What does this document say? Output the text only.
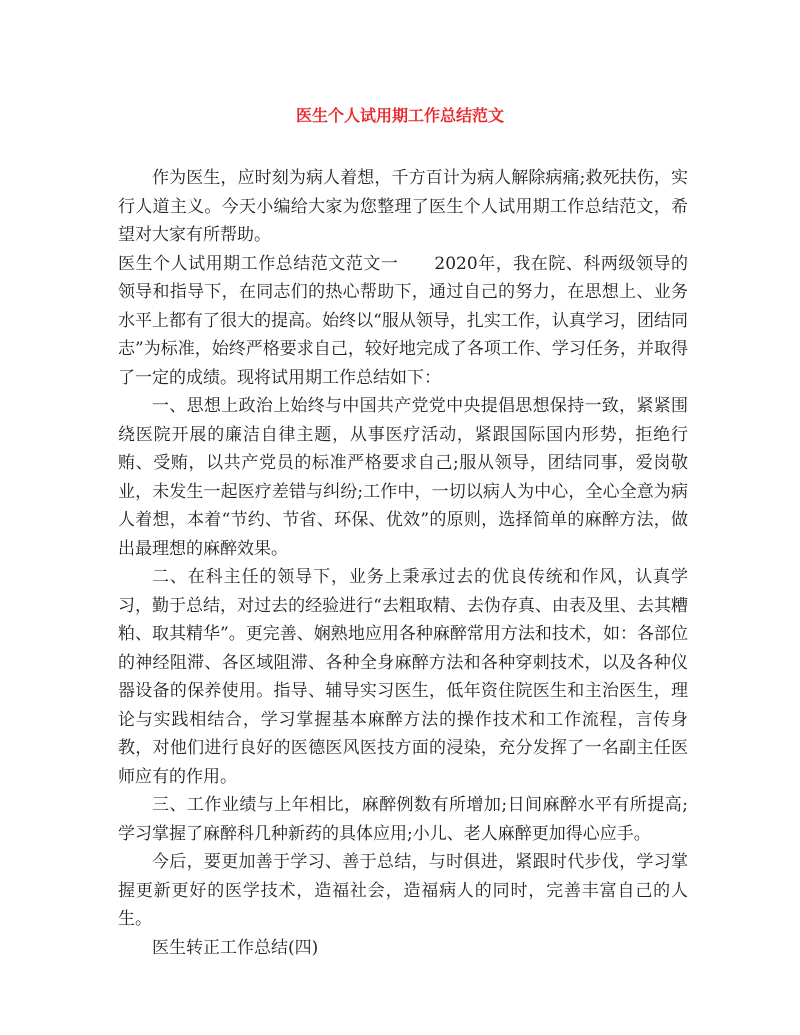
医生个人试用期工作总结范文

作为医生，应时刻为病人着想，千方百计为病人解除病痛;救死扶伤，实行人道主义。今天小编给大家为您整理了医生个人试用期工作总结范文，希望对大家有所帮助。

医生个人试用期工作总结范文范文一 2020年，我在院、科两级领导的领导和指导下，在同志们的热心帮助下，通过自己的努力，在思想上、业务水平上都有了很大的提高。始终以“服从领导，扎实工作，认真学习，团结同志”为标准，始终严格要求自己，较好地完成了各项工作、学习任务，并取得了一定的成绩。现将试用期工作总结如下：

一、思想上政治上始终与中国共产党党中央提倡思想保持一致，紧紧围绕医院开展的廉洁自律主题，从事医疗活动，紧跟国际国内形势，拒绝行贿、受贿，以共产党员的标准严格要求自己;服从领导，团结同事，爱岗敬业，未发生一起医疗差错与纠纷;工作中，一切以病人为中心，全心全意为病人着想，本着“节约、节省、环保、优效”的原则，选择简单的麻醉方法，做出最理想的麻醉效果。

二、在科主任的领导下，业务上秉承过去的优良传统和作风，认真学习，勤于总结，对过去的经验进行“去粗取精、去伪存真、由表及里、去其糟粕、取其精华”。更完善、娴熟地应用各种麻醉常用方法和技术，如：各部位的神经阻滞、各区域阻滞、各种全身麻醉方法和各种穿刺技术，以及各种仪器设备的保养使用。指导、辅导实习医生，低年资住院医生和主治医生，理论与实践相结合，学习掌握基本麻醉方法的操作技术和工作流程，言传身教，对他们进行良好的医德医风医技方面的浸染，充分发挥了一名副主任医师应有的作用。

三、工作业绩与上年相比，麻醉例数有所增加;日间麻醉水平有所提高;学习掌握了麻醉科几种新药的具体应用;小儿、老人麻醉更加得心应手。

今后，要更加善于学习、善于总结，与时俱进，紧跟时代步伐，学习掌握更新更好的医学技术，造福社会，造福病人的同时，完善丰富自己的人生。

医生转正工作总结(四)
